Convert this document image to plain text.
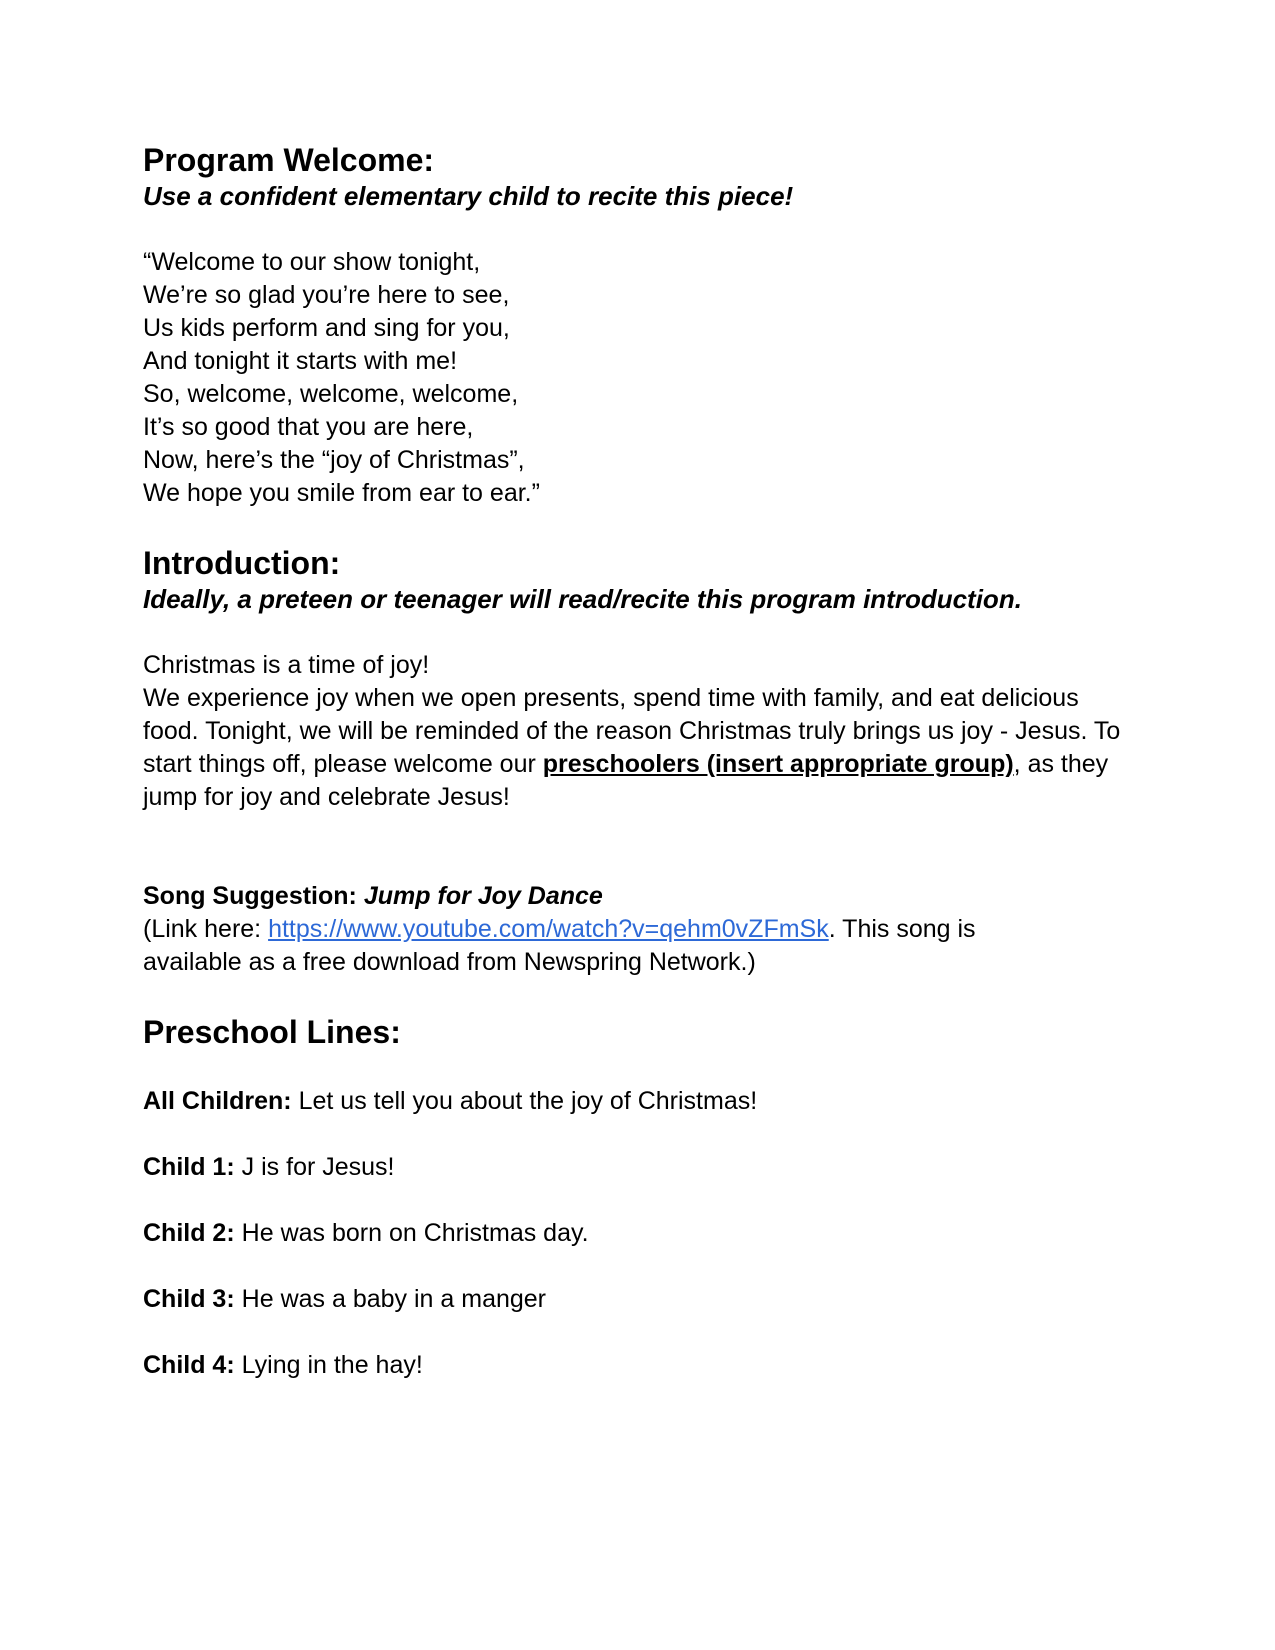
Program Welcome:

Use a confident elementary child to recite this piece!

“Welcome to our show tonight,
We’re so glad you’re here to see,
Us kids perform and sing for you,
And tonight it starts with me!
So, welcome, welcome, welcome,
It’s so good that you are here,
Now, here’s the “joy of Christmas”,
We hope you smile from ear to ear.”
Introduction:

Ideally, a preteen or teenager will read/recite this program introduction.

Christmas is a time of joy!

We experience joy when we open presents, spend time with family, and eat delicious food. Tonight, we will be reminded of the reason Christmas truly brings us joy - Jesus. To start things off, please welcome our preschoolers (insert appropriate group), as they jump for joy and celebrate Jesus!

Song Suggestion: Jump for Joy Dance

(Link here: https://www.youtube.com/watch?v=qehm0vZFmSk. This song is available as a free download from Newspring Network.)

Preschool Lines:

All Children: Let us tell you about the joy of Christmas!

Child 1: J is for Jesus!

Child 2: He was born on Christmas day.

Child 3: He was a baby in a manger

Child 4: Lying in the hay!
